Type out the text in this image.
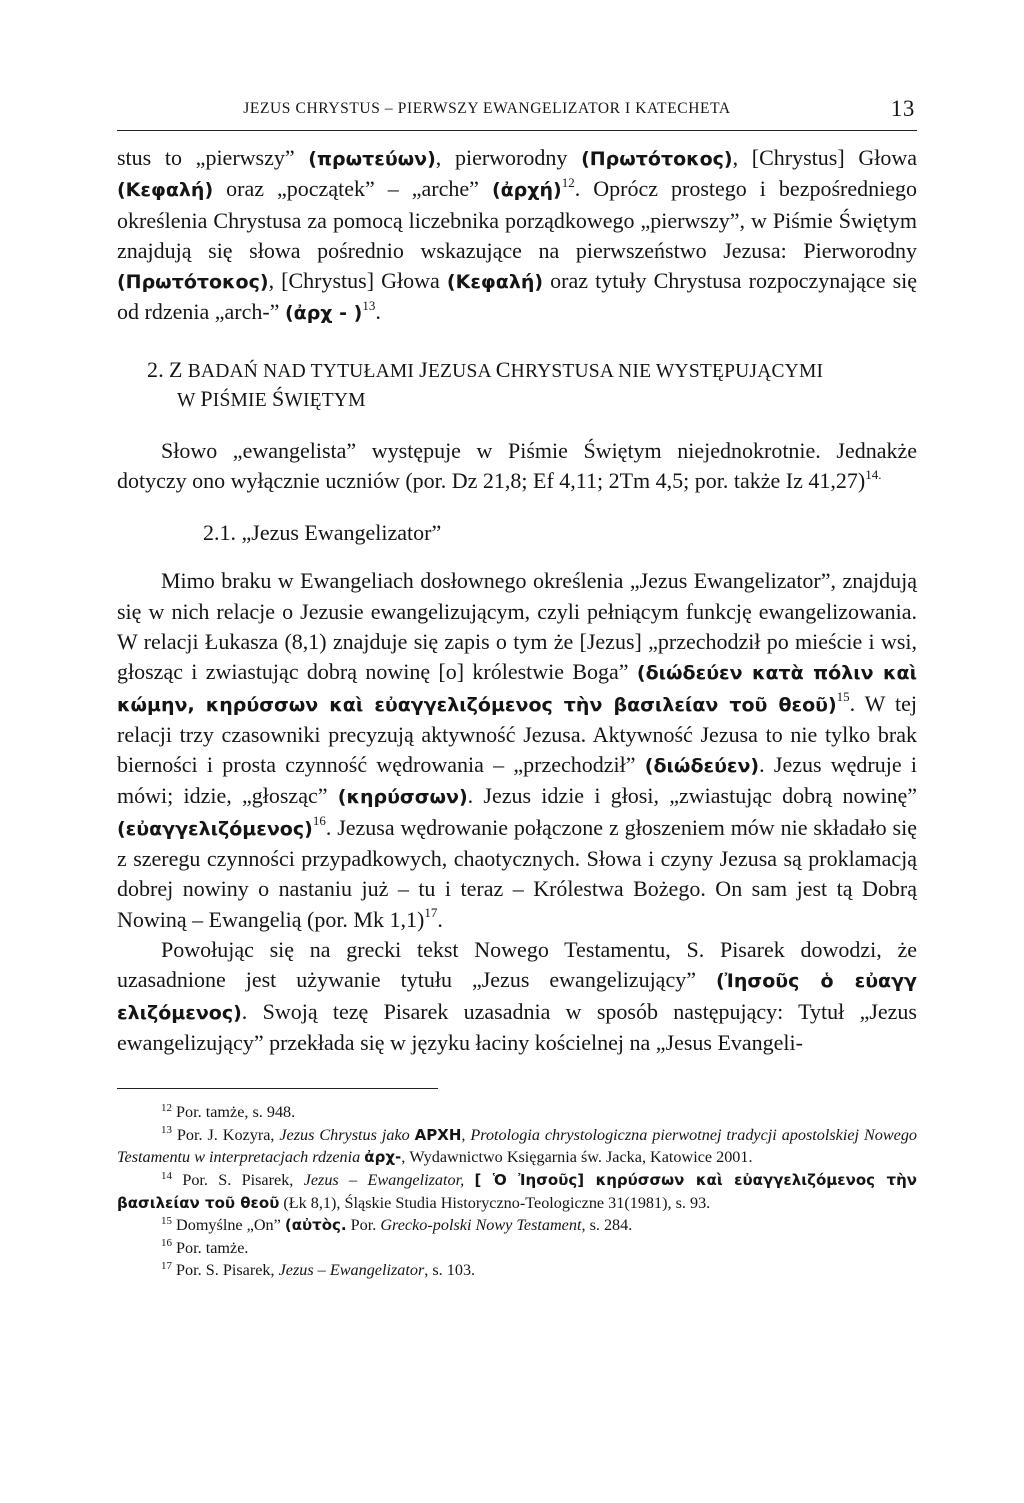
JEZUS CHRYSTUS – PIERWSZY EWANGELIZATOR I KATECHETA	13

stus to „pierwszy” (πρωτεύων), pierworodny (Πρωτότοκος), [Chrystus] Głowa (Κεφαλή) oraz „początek” – „arche” (ἀρχή)$^{12}$. Oprócz prostego i bezpośredniego określenia Chrystusa za pomocą liczebnika porządkowego „pierwszy”, w Piśmie Świętym znajdują się słowa pośrednio wskazujące na pierwszeństwo Jezusa: Pierworodny (Πρωτότοκος), [Chrystus] Głowa (Κεφαλή) oraz tytuły Chrystusa rozpoczynające się od rdzenia „arch-” (ἀρχ - )$^{13}$.

2. Z BADAŃ NAD TYTUŁAMI JEZUSA CHRYSTUSA NIE WYSTĘPUJĄCYMI
W PIŚMIE ŚWIĘTYM

Słowo „ewangelista” występuje w Piśmie Świętym niejednokrotnie. Jednakże dotyczy ono wyłącznie uczniów (por. Dz 21,8; Ef 4,11; 2Tm 4,5; por. także Iz 41,27)$^{14.}$

2.1. „Jezus Ewangelizator”

Mimo braku w Ewangeliach dosłownego określenia „Jezus Ewangelizator”, znajdują się w nich relacje o Jezusie ewangelizującym, czyli pełniącym funkcję ewangelizowania. W relacji Łukasza (8,1) znajduje się zapis o tym że [Jezus] „przechodził po mieście i wsi, głosząc i zwiastując dobrą nowinę [o] królestwie Boga” (διώδεύεν κατὰ πόλιν καὶ κώμην, κηρύσσων καὶ εὐαγγελιζόμενος τὴν βασιλείαν τοῦ θεοῦ)$^{15}$. W tej relacji trzy czasowniki precyzują aktywność Jezusa. Aktywność Jezusa to nie tylko brak bierności i prosta czynność wędrowania – „przechodził” (διώδεύεν). Jezus wędruje i mówi; idzie, „głosząc” (κηρύσσων). Jezus idzie i głosi, „zwiastując dobrą nowinę” (εὐαγγελιζόμενος)$^{16}$. Jezusa wędrowanie połączone z głoszeniem mów nie składało się z szeregu czynności przypadkowych, chaotycznych. Słowa i czyny Jezusa są proklamacją dobrej nowiny o nastaniu już – tu i teraz – Królestwa Bożego. On sam jest tą Dobrą Nowiną – Ewangelią (por. Mk 1,1)$^{17}$.

Powołując się na grecki tekst Nowego Testamentu, S. Pisarek dowodzi, że uzasadnione jest używanie tytułu „Jezus ewangelizujący” (Ἰησοῦς ὁ εὐαγγ ελιζόμενος). Swoją tezę Pisarek uzasadnia w sposób następujący: Tytuł „Jezus ewangelizujący” przekłada się w języku łaciny kościelnej na „Jesus Evangeli-

$^{12}$ Por. tamże, s. 948.
$^{13}$ Por. J. Kozyra, Jezus Chrystus jako ΑΡΧΗ, Protologia chrystologiczna pierwotnej tradycji apostolskiej Nowego Testamentu w interpretacjach rdzenia ἀρχ-, Wydawnictwo Księgarnia św. Jacka, Katowice 2001.
$^{14}$ Por. S. Pisarek, Jezus – Ewangelizator, [ Ὁ Ἰησοῦς] κηρύσσων καὶ εὐαγγελιζόμενος τὴν βασιλείαν τοῦ θεοῦ (Łk 8,1), Śląskie Studia Historyczno-Teologiczne 31(1981), s. 93.
$^{15}$ Domyślne „On” (αὐτὸς. Por. Grecko-polski Nowy Testament, s. 284.
$^{16}$ Por. tamże.
$^{17}$ Por. S. Pisarek, Jezus – Ewangelizator, s. 103.
